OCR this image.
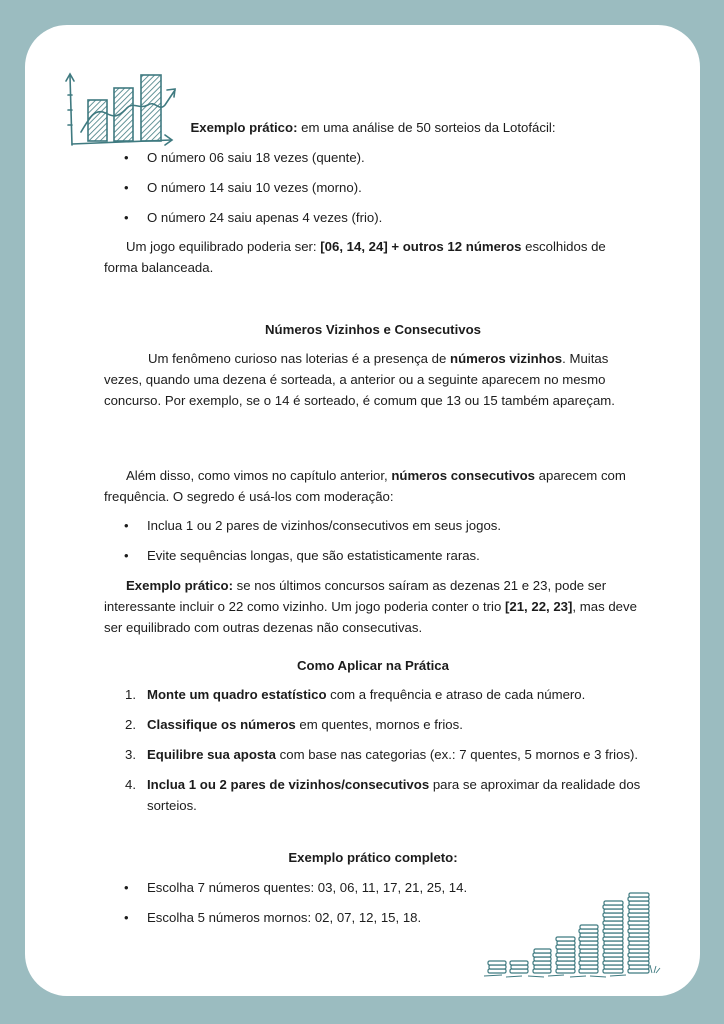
Exemplo prático: em uma análise de 50 sorteios da Lotofácil:

• O número 06 saiu 18 vezes (quente).
• O número 14 saiu 10 vezes (morno).
• O número 24 saiu apenas 4 vezes (frio).

Um jogo equilibrado poderia ser: [06, 14, 24] + outros 12 números escolhidos de forma balanceada.

Números Vizinhos e Consecutivos

Um fenômeno curioso nas loterias é a presença de números vizinhos. Muitas vezes, quando uma dezena é sorteada, a anterior ou a seguinte aparecem no mesmo concurso. Por exemplo, se o 14 é sorteado, é comum que 13 ou 15 também apareçam.

Além disso, como vimos no capítulo anterior, números consecutivos aparecem com frequência. O segredo é usá-los com moderação:

• Inclua 1 ou 2 pares de vizinhos/consecutivos em seus jogos.
• Evite sequências longas, que são estatisticamente raras.

Exemplo prático: se nos últimos concursos saíram as dezenas 21 e 23, pode ser interessante incluir o 22 como vizinho. Um jogo poderia conter o trio [21, 22, 23], mas deve ser equilibrado com outras dezenas não consecutivas.

Como Aplicar na Prática
1. Monte um quadro estatístico com a frequência e atraso de cada número.
2. Classifique os números em quentes, mornos e frios.
3. Equilibre sua aposta com base nas categorias (ex.: 7 quentes, 5 mornos e 3 frios).
4. Inclua 1 ou 2 pares de vizinhos/consecutivos para se aproximar da realidade dos sorteios.
Exemplo prático completo:
• Escolha 7 números quentes: 03, 06, 11, 17, 21, 25, 14.
• Escolha 5 números mornos: 02, 07, 12, 15, 18.
